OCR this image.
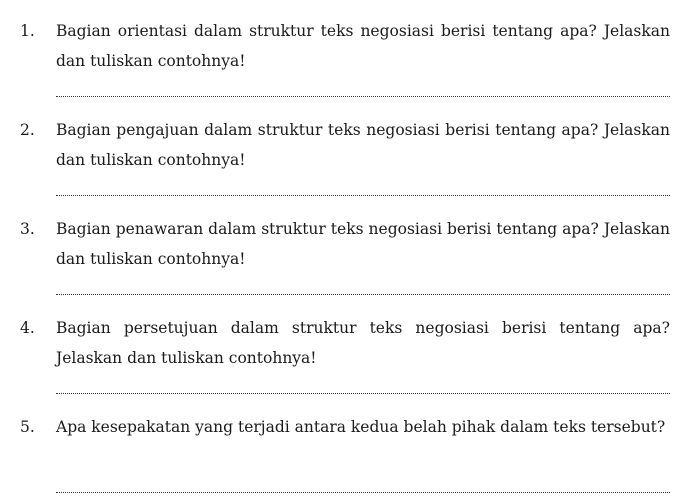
1. Bagian orientasi dalam struktur teks negosiasi berisi tentang apa? Jelaskan dan tuliskan contohnya!
2. Bagian pengajuan dalam struktur teks negosiasi berisi tentang apa? Jelaskan dan tuliskan contohnya!
3. Bagian penawaran dalam struktur teks negosiasi berisi tentang apa? Jelaskan dan tuliskan contohnya!
4. Bagian persetujuan dalam struktur teks negosiasi berisi tentang apa? Jelaskan dan tuliskan contohnya!
5. Apa kesepakatan yang terjadi antara kedua belah pihak dalam teks tersebut?
